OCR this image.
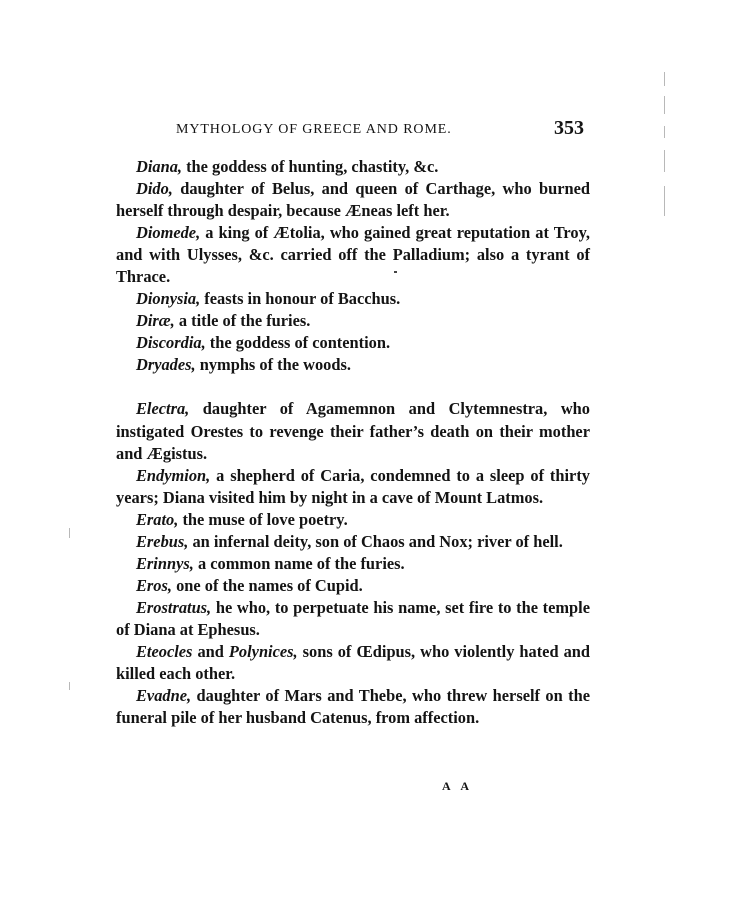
MYTHOLOGY OF GREECE AND ROME.	353

Diana, the goddess of hunting, chastity, &c.

Dido, daughter of Belus, and queen of Carthage, who burned herself through despair, because Æneas left her.

Diomede, a king of Ætolia, who gained great reputation at Troy, and with Ulysses, &c. carried off the Palladium; also a tyrant of Thrace.

Dionysia, feasts in honour of Bacchus.

Diræ, a title of the furies.

Discordia, the goddess of contention.

Dryades, nymphs of the woods.

Electra, daughter of Agamemnon and Clytemnestra, who instigated Orestes to revenge their father’s death on their mother and Ægistus.

Endymion, a shepherd of Caria, condemned to a sleep of thirty years; Diana visited him by night in a cave of Mount Latmos.

Erato, the muse of love poetry.

Erebus, an infernal deity, son of Chaos and Nox; river of hell.

Erinnys, a common name of the furies.

Eros, one of the names of Cupid.

Erostratus, he who, to perpetuate his name, set fire to the temple of Diana at Ephesus.

Eteocles and Polynices, sons of Œdipus, who violently hated and killed each other.

Evadne, daughter of Mars and Thebe, who threw herself on the funeral pile of her husband Catenus, from affection.

A A
